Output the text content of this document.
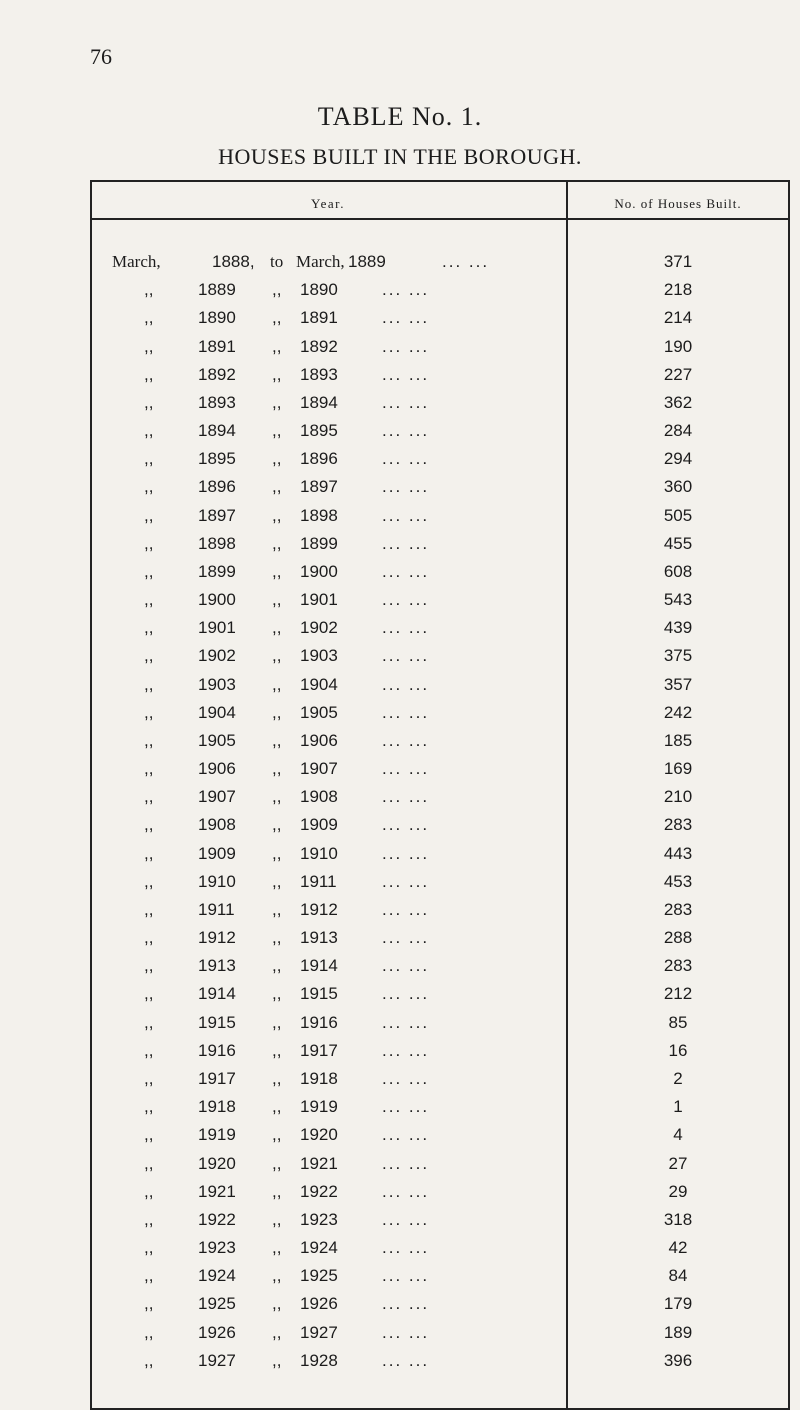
76
TABLE No. 1.
HOUSES BUILT IN THE BOROUGH.
Year.	No. of Houses Built.
March,	1888, to March, 1889	... ...	371
,,	1889 ,, 1890	... ...	218
,,	1890 ,, 1891	... ...	214
,,	1891 ,, 1892	... ...	190
,,	1892 ,, 1893	... ...	227
,,	1893 ,, 1894	... ...	362
,,	1894 ,, 1895	... ...	284
,,	1895 ,, 1896	... ...	294
,,	1896 ,, 1897	... ...	360
,,	1897 ,, 1898	... ...	505
,,	1898 ,, 1899	... ...	455
,,	1899 ,, 1900	... ...	608
,,	1900 ,, 1901	... ...	543
,,	1901 ,, 1902	... ...	439
,,	1902 ,, 1903	... ...	375
,,	1903 ,, 1904	... ...	357
,,	1904 ,, 1905	... ...	242
,,	1905 ,, 1906	... ...	185
,,	1906 ,, 1907	... ...	169
,,	1907 ,, 1908	... ...	210
,,	1908 ,, 1909	... ...	283
,,	1909 ,, 1910	... ...	443
,,	1910 ,, 1911	... ...	453
,,	1911 ,, 1912	... ...	283
,,	1912 ,, 1913	... ...	288
,,	1913 ,, 1914	... ...	283
,,	1914 ,, 1915	... ...	212
,,	1915 ,, 1916	... ...	85
,,	1916 ,, 1917	... ...	16
,,	1917 ,, 1918	... ...	2
,,	1918 ,, 1919	... ...	1
,,	1919 ,, 1920	... ...	4
,,	1920 ,, 1921	... ...	27
,,	1921 ,, 1922	... ...	29
,,	1922 ,, 1923	... ...	318
,,	1923 ,, 1924	... ...	42
,,	1924 ,, 1925	... ...	84
,,	1925 ,, 1926	... ...	179
,,	1926 ,, 1927	... ...	189
,,	1927 ,, 1928	... ...	396
